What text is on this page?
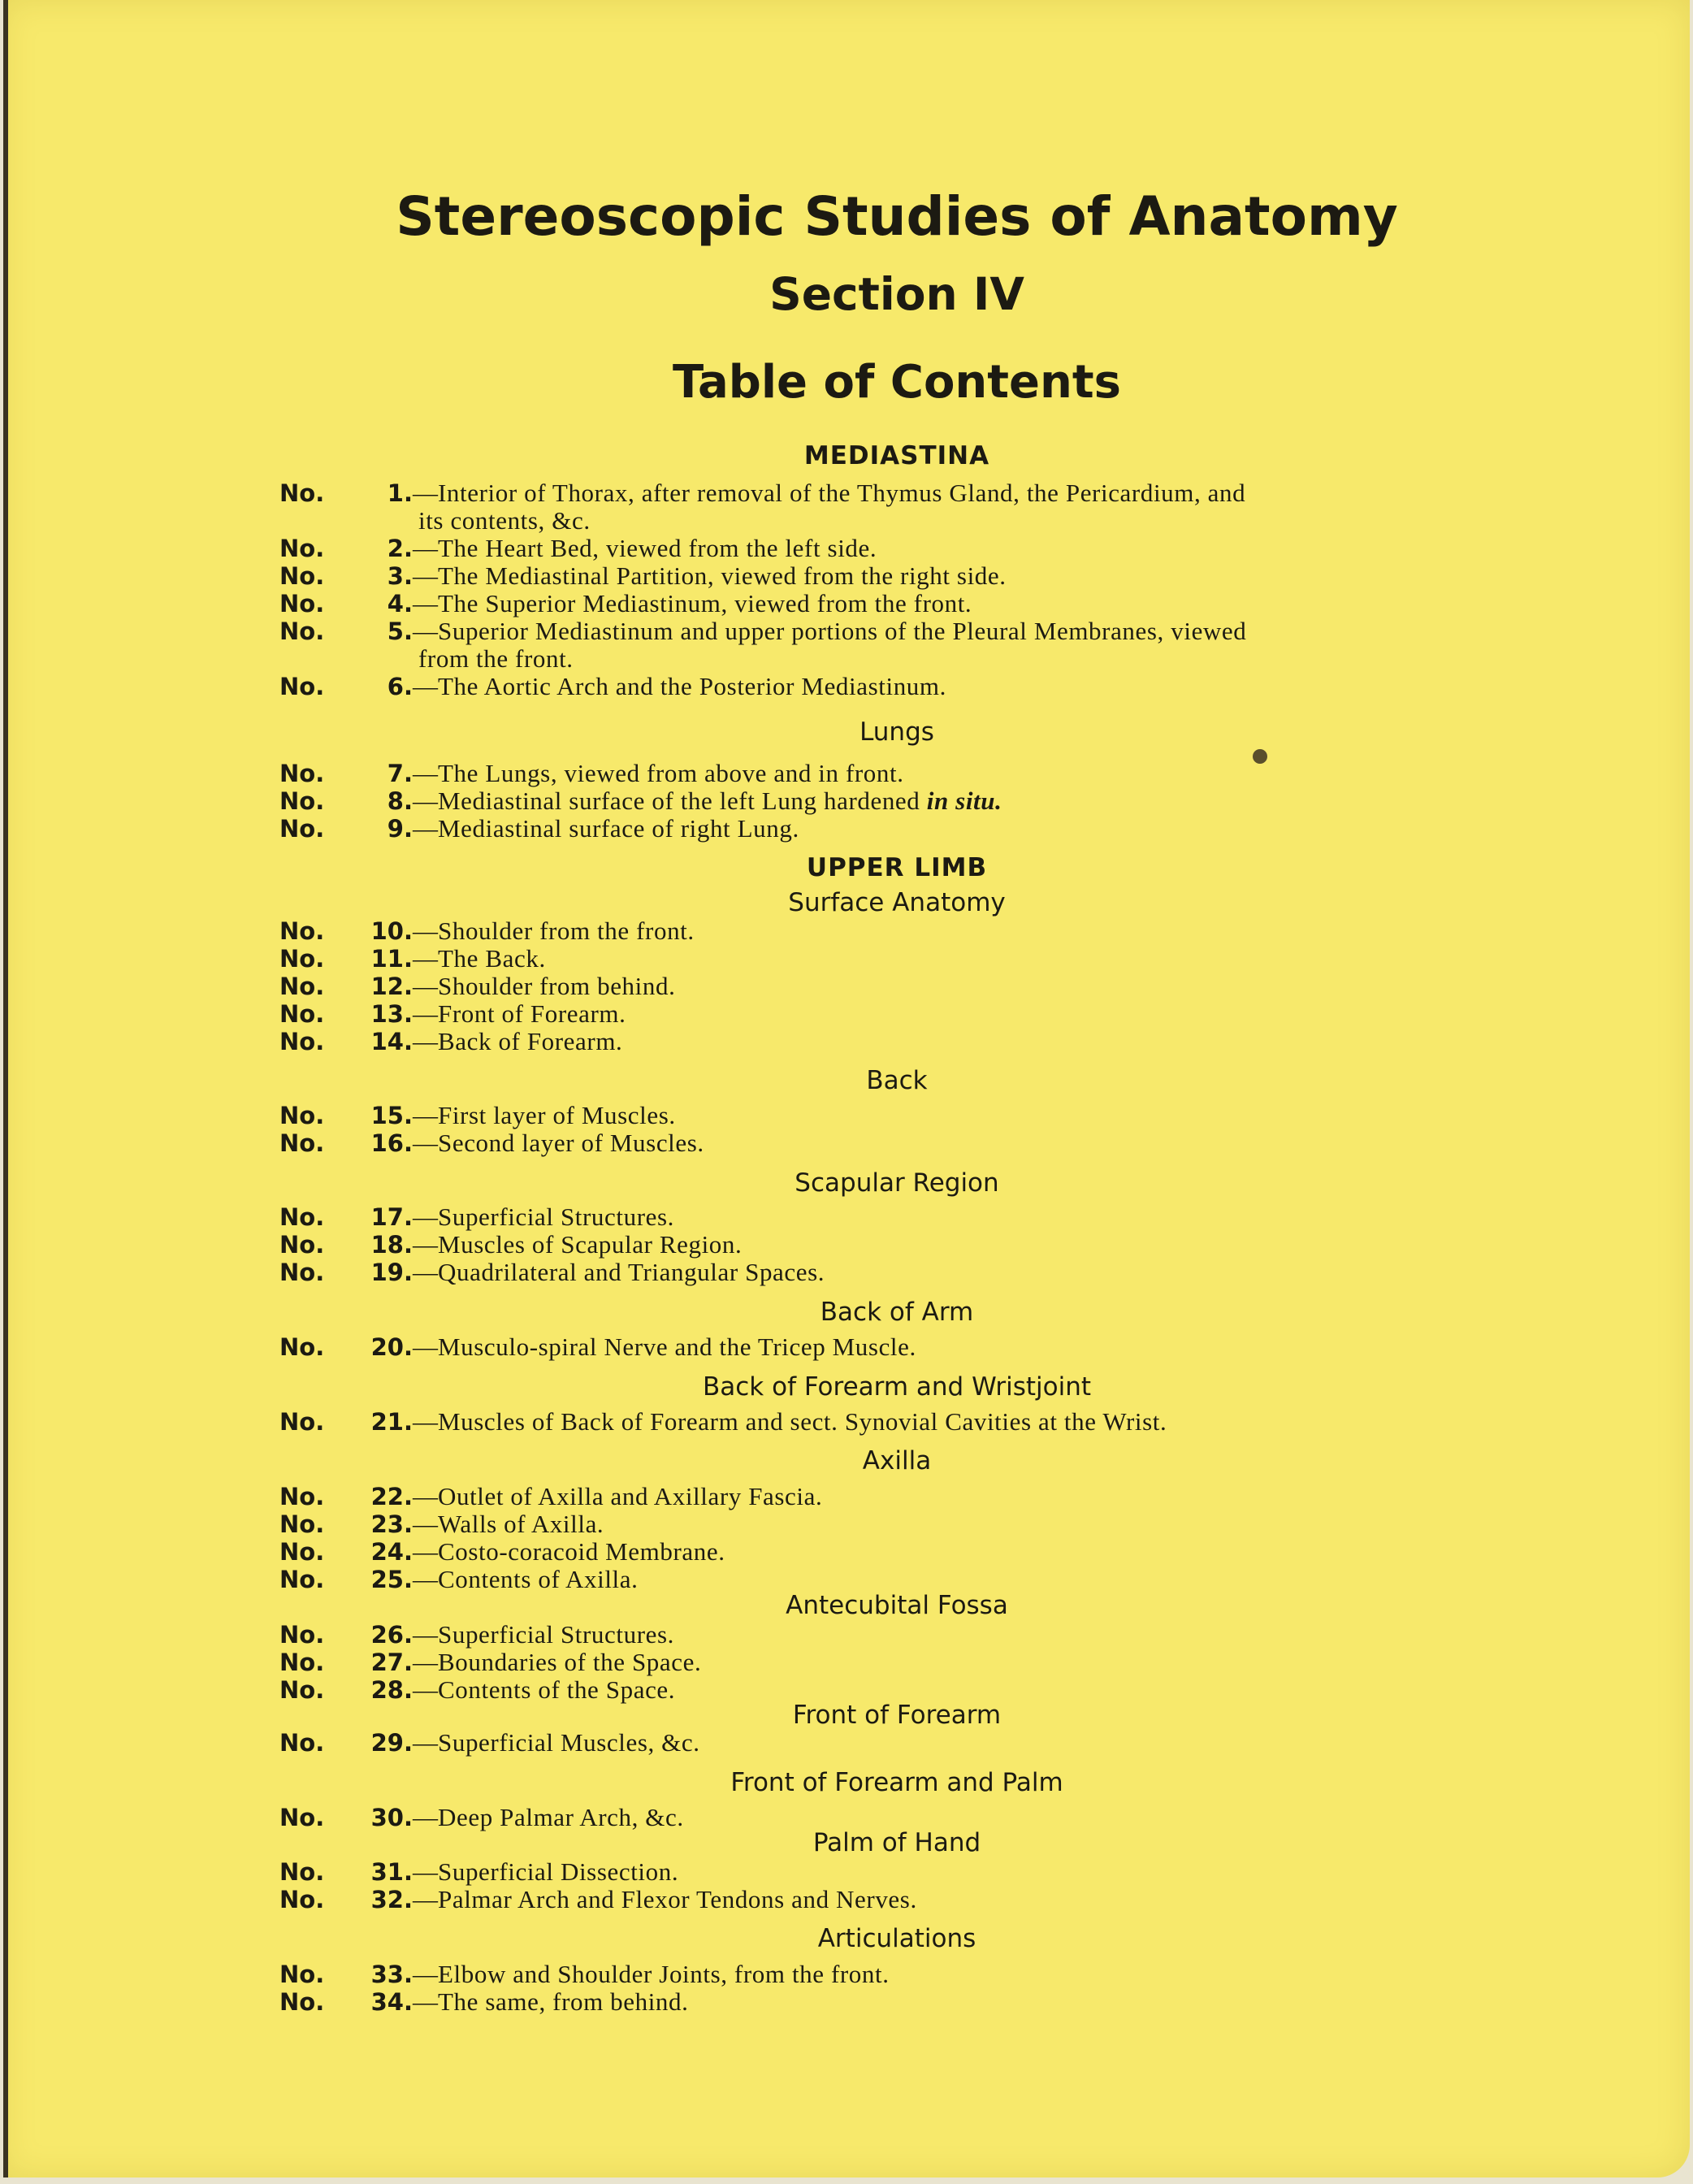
Stereoscopic Studies of Anatomy
Section IV
Table of Contents
MEDIASTINA
No.	1.—Interior of Thorax, after removal of the Thymus Gland, the Pericardium, and
its contents, &c.
No.	2.—The Heart Bed, viewed from the left side.
No.	3.—The Mediastinal Partition, viewed from the right side.
No.	4.—The Superior Mediastinum, viewed from the front.
No.	5.—Superior Mediastinum and upper portions of the Pleural Membranes, viewed
from the front.
No.	6.—The Aortic Arch and the Posterior Mediastinum.
Lungs
No.	7.—The Lungs, viewed from above and in front.
No.	8.—Mediastinal surface of the left Lung hardened in situ.
No.	9.—Mediastinal surface of right Lung.
UPPER LIMB
Surface Anatomy
No. 10.—Shoulder from the front.
No. 11.—The Back.
No. 12.—Shoulder from behind.
No. 13.—Front of Forearm.
No. 14.—Back of Forearm.
Back
No. 15.—First layer of Muscles.
No. 16.—Second layer of Muscles.
Scapular Region
No. 17.—Superficial Structures.
No. 18.—Muscles of Scapular Region.
No. 19.—Quadrilateral and Triangular Spaces.
Back of Arm
No. 20.—Musculo-spiral Nerve and the Tricep Muscle.
Back of Forearm and Wristjoint
No. 21.—Muscles of Back of Forearm and sect. Synovial Cavities at the Wrist.
Axilla
No. 22.—Outlet of Axilla and Axillary Fascia.
No. 23.—Walls of Axilla.
No. 24.—Costo-coracoid Membrane.
No. 25.—Contents of Axilla.
Antecubital Fossa
No. 26.—Superficial Structures.
No. 27.—Boundaries of the Space.
No. 28.—Contents of the Space.
Front of Forearm
No. 29.—Superficial Muscles, &c.
Front of Forearm and Palm
No. 30.—Deep Palmar Arch, &c.
Palm of Hand
No. 31.—Superficial Dissection.
No. 32.—Palmar Arch and Flexor Tendons and Nerves.
Articulations
No. 33.—Elbow and Shoulder Joints, from the front.
No. 34.—The same, from behind.
